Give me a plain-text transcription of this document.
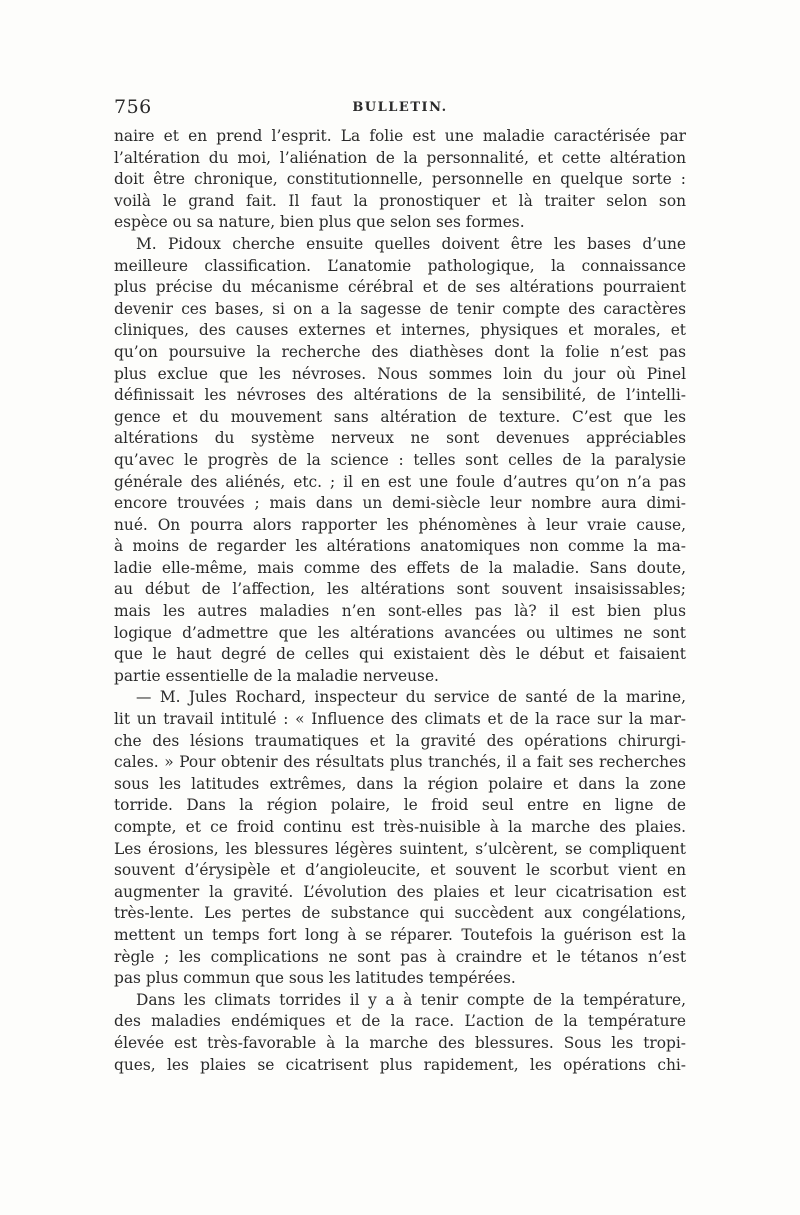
756	BULLETIN.
naire et en prend l’esprit. La folie est une maladie caractérisée par
l’altération du moi, l’aliénation de la personnalité, et cette altération
doit être chronique, constitutionnelle, personnelle en quelque sorte :
voilà le grand fait. Il faut la pronostiquer et là traiter selon son
espèce ou sa nature, bien plus que selon ses formes.
M. Pidoux cherche ensuite quelles doivent être les bases d’une
meilleure classification. L’anatomie pathologique, la connaissance
plus précise du mécanisme cérébral et de ses altérations pourraient
devenir ces bases, si on a la sagesse de tenir compte des caractères
cliniques, des causes externes et internes, physiques et morales, et
qu’on poursuive la recherche des diathèses dont la folie n’est pas
plus exclue que les névroses. Nous sommes loin du jour où Pinel
définissait les névroses des altérations de la sensibilité, de l’intelli-
gence et du mouvement sans altération de texture. C’est que les
altérations du système nerveux ne sont devenues appréciables
qu’avec le progrès de la science : telles sont celles de la paralysie
générale des aliénés, etc. ; il en est une foule d’autres qu’on n’a pas
encore trouvées ; mais dans un demi-siècle leur nombre aura dimi-
nué. On pourra alors rapporter les phénomènes à leur vraie cause,
à moins de regarder les altérations anatomiques non comme la ma-
ladie elle-même, mais comme des effets de la maladie. Sans doute,
au début de l’affection, les altérations sont souvent insaisissables;
mais les autres maladies n’en sont-elles pas là? il est bien plus
logique d’admettre que les altérations avancées ou ultimes ne sont
que le haut degré de celles qui existaient dès le début et faisaient
partie essentielle de la maladie nerveuse.
— M. Jules Rochard, inspecteur du service de santé de la marine,
lit un travail intitulé : « Influence des climats et de la race sur la mar-
che des lésions traumatiques et la gravité des opérations chirurgi-
cales. » Pour obtenir des résultats plus tranchés, il a fait ses recherches
sous les latitudes extrêmes, dans la région polaire et dans la zone
torride. Dans la région polaire, le froid seul entre en ligne de
compte, et ce froid continu est très-nuisible à la marche des plaies.
Les érosions, les blessures légères suintent, s’ulcèrent, se compliquent
souvent d’érysipèle et d’angioleucite, et souvent le scorbut vient en
augmenter la gravité. L’évolution des plaies et leur cicatrisation est
très-lente. Les pertes de substance qui succèdent aux congélations,
mettent un temps fort long à se réparer. Toutefois la guérison est la
règle ; les complications ne sont pas à craindre et le tétanos n’est
pas plus commun que sous les latitudes tempérées.
Dans les climats torrides il y a à tenir compte de la température,
des maladies endémiques et de la race. L’action de la température
élevée est très-favorable à la marche des blessures. Sous les tropi-
ques, les plaies se cicatrisent plus rapidement, les opérations chi-
